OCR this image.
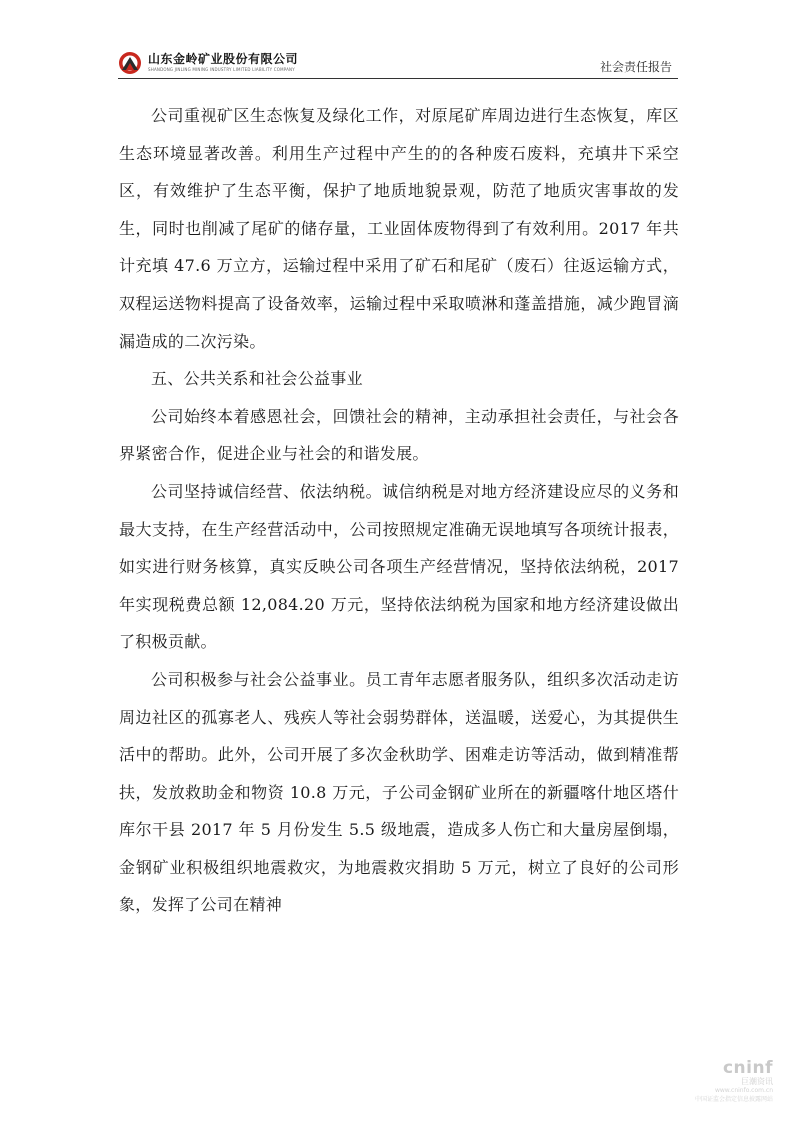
山东金岭矿业股份有限公司
SHANDONG JINLING MINING INDUSTRY LIMITED LIABILITY COMPANY	社会责任报告

公司重视矿区生态恢复及绿化工作，对原尾矿库周边进行生态恢复，库区生态环境显著改善。利用生产过程中产生的的各种废石废料，充填井下采空区，有效维护了生态平衡，保护了地质地貌景观，防范了地质灾害事故的发生，同时也削减了尾矿的储存量，工业固体废物得到了有效利用。2017 年共计充填 47.6 万立方，运输过程中采用了矿石和尾矿（废石）往返运输方式，双程运送物料提高了设备效率，运输过程中采取喷淋和蓬盖措施，减少跑冒滴漏造成的二次污染。

五、公共关系和社会公益事业

公司始终本着感恩社会，回馈社会的精神，主动承担社会责任，与社会各界紧密合作，促进企业与社会的和谐发展。

公司坚持诚信经营、依法纳税。诚信纳税是对地方经济建设应尽的义务和最大支持，在生产经营活动中，公司按照规定准确无误地填写各项统计报表，如实进行财务核算，真实反映公司各项生产经营情况，坚持依法纳税，2017 年实现税费总额 12,084.20 万元，坚持依法纳税为国家和地方经济建设做出了积极贡献。

公司积极参与社会公益事业。员工青年志愿者服务队，组织多次活动走访周边社区的孤寡老人、残疾人等社会弱势群体，送温暖，送爱心，为其提供生活中的帮助。此外，公司开展了多次金秋助学、困难走访等活动，做到精准帮扶，发放救助金和物资 10.8 万元，子公司金钢矿业所在的新疆喀什地区塔什库尔干县 2017 年 5 月份发生 5.5 级地震，造成多人伤亡和大量房屋倒塌，金钢矿业积极组织地震救灾，为地震救灾捐助 5 万元，树立了良好的公司形象，发挥了公司在精神

cninf
巨潮资讯
www.cninfo.com.cn
中国证监会指定信息披露网站
